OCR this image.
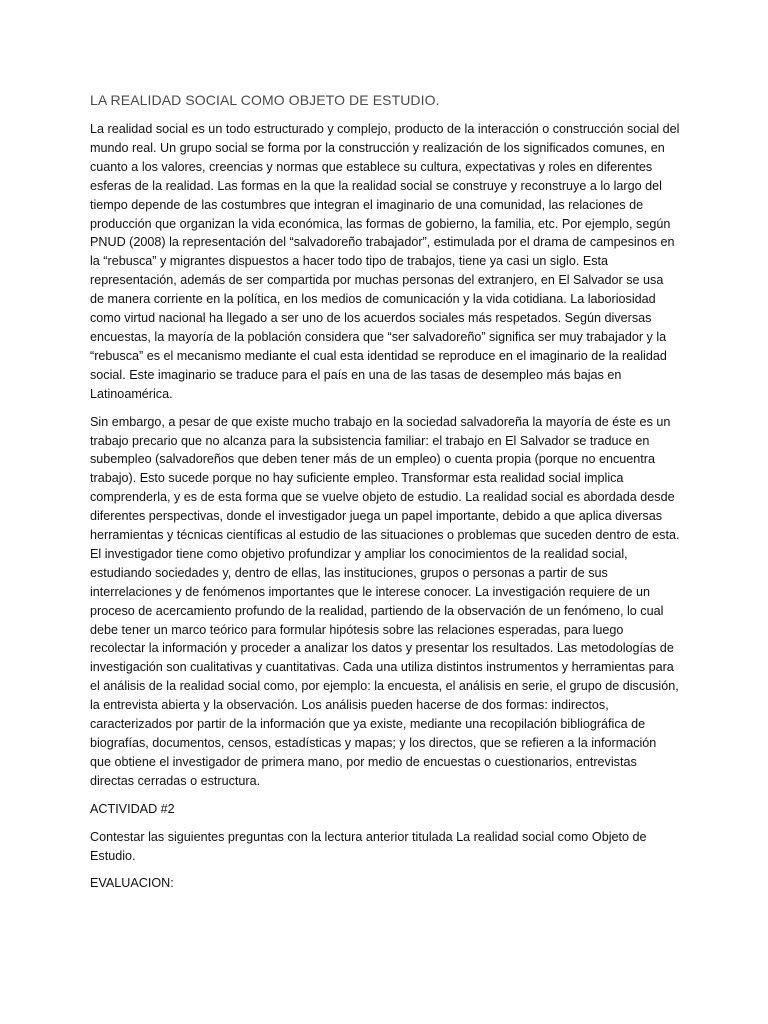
LA REALIDAD SOCIAL COMO OBJETO DE ESTUDIO.

La realidad social es un todo estructurado y complejo, producto de la interacción o construcción social del mundo real. Un grupo social se forma por la construcción y realización de los significados comunes, en cuanto a los valores, creencias y normas que establece su cultura, expectativas y roles en diferentes esferas de la realidad. Las formas en la que la realidad social se construye y reconstruye a lo largo del tiempo depende de las costumbres que integran el imaginario de una comunidad, las relaciones de producción que organizan la vida económica, las formas de gobierno, la familia, etc. Por ejemplo, según PNUD (2008) la representación del “salvadoreño trabajador”, estimulada por el drama de campesinos en la “rebusca” y migrantes dispuestos a hacer todo tipo de trabajos, tiene ya casi un siglo. Esta representación, además de ser compartida por muchas personas del extranjero, en El Salvador se usa de manera corriente en la política, en los medios de comunicación y la vida cotidiana. La laboriosidad como virtud nacional ha llegado a ser uno de los acuerdos sociales más respetados. Según diversas encuestas, la mayoría de la población considera que “ser salvadoreño” significa ser muy trabajador y la “rebusca” es el mecanismo mediante el cual esta identidad se reproduce en el imaginario de la realidad social. Este imaginario se traduce para el país en una de las tasas de desempleo más bajas en Latinoamérica.

Sin embargo, a pesar de que existe mucho trabajo en la sociedad salvadoreña la mayoría de éste es un trabajo precario que no alcanza para la subsistencia familiar: el trabajo en El Salvador se traduce en subempleo (salvadoreños que deben tener más de un empleo) o cuenta propia (porque no encuentra trabajo). Esto sucede porque no hay suficiente empleo. Transformar esta realidad social implica comprenderla, y es de esta forma que se vuelve objeto de estudio. La realidad social es abordada desde diferentes perspectivas, donde el investigador juega un papel importante, debido a que aplica diversas herramientas y técnicas científicas al estudio de las situaciones o problemas que suceden dentro de esta. El investigador tiene como objetivo profundizar y ampliar los conocimientos de la realidad social, estudiando sociedades y, dentro de ellas, las instituciones, grupos o personas a partir de sus interrelaciones y de fenómenos importantes que le interese conocer. La investigación requiere de un proceso de acercamiento profundo de la realidad, partiendo de la observación de un fenómeno, lo cual debe tener un marco teórico para formular hipótesis sobre las relaciones esperadas, para luego recolectar la información y proceder a analizar los datos y presentar los resultados. Las metodologías de investigación son cualitativas y cuantitativas. Cada una utiliza distintos instrumentos y herramientas para el análisis de la realidad social como, por ejemplo: la encuesta, el análisis en serie, el grupo de discusión, la entrevista abierta y la observación. Los análisis pueden hacerse de dos formas: indirectos, caracterizados por partir de la información que ya existe, mediante una recopilación bibliográfica de biografías, documentos, censos, estadísticas y mapas; y los directos, que se refieren a la información que obtiene el investigador de primera mano, por medio de encuestas o cuestionarios, entrevistas directas cerradas o estructura.

ACTIVIDAD #2

Contestar las siguientes preguntas con la lectura anterior titulada La realidad social como Objeto de Estudio.

EVALUACION:
